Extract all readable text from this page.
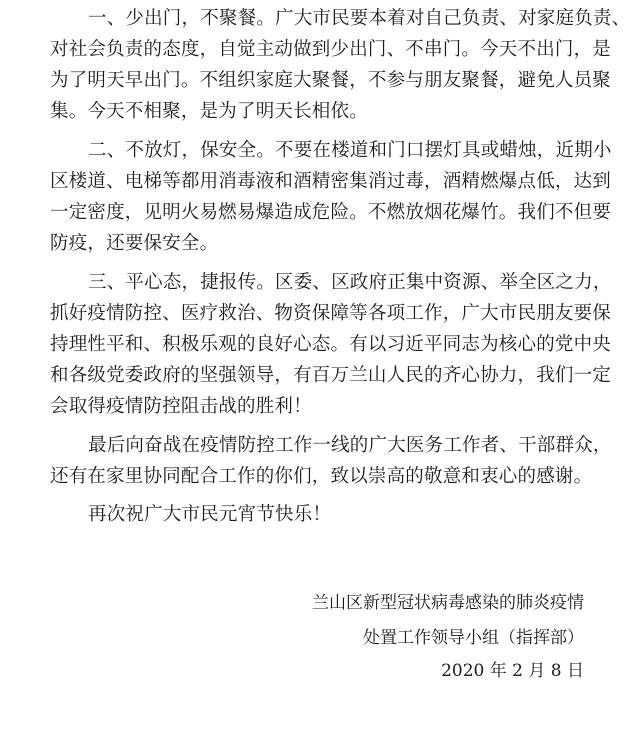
一、少出门，不聚餐。广大市民要本着对自己负责、对家庭负责、
对社会负责的态度，自觉主动做到少出门、不串门。今天不出门，是
为了明天早出门。不组织家庭大聚餐，不参与朋友聚餐，避免人员聚
集。今天不相聚，是为了明天长相依。
二、不放灯，保安全。不要在楼道和门口摆灯具或蜡烛，近期小
区楼道、电梯等都用消毒液和酒精密集消过毒，酒精燃爆点低，达到
一定密度，见明火易燃易爆造成危险。不燃放烟花爆竹。我们不但要
防疫，还要保安全。
三、平心态，捷报传。区委、区政府正集中资源、举全区之力，
抓好疫情防控、医疗救治、物资保障等各项工作，广大市民朋友要保
持理性平和、积极乐观的良好心态。有以习近平同志为核心的党中央
和各级党委政府的坚强领导，有百万兰山人民的齐心协力，我们一定
会取得疫情防控阻击战的胜利！
最后向奋战在疫情防控工作一线的广大医务工作者、干部群众，
还有在家里协同配合工作的你们，致以崇高的敬意和衷心的感谢。
再次祝广大市民元宵节快乐！
兰山区新型冠状病毒感染的肺炎疫情
处置工作领导小组（指挥部）
2020 年 2 月 8 日
